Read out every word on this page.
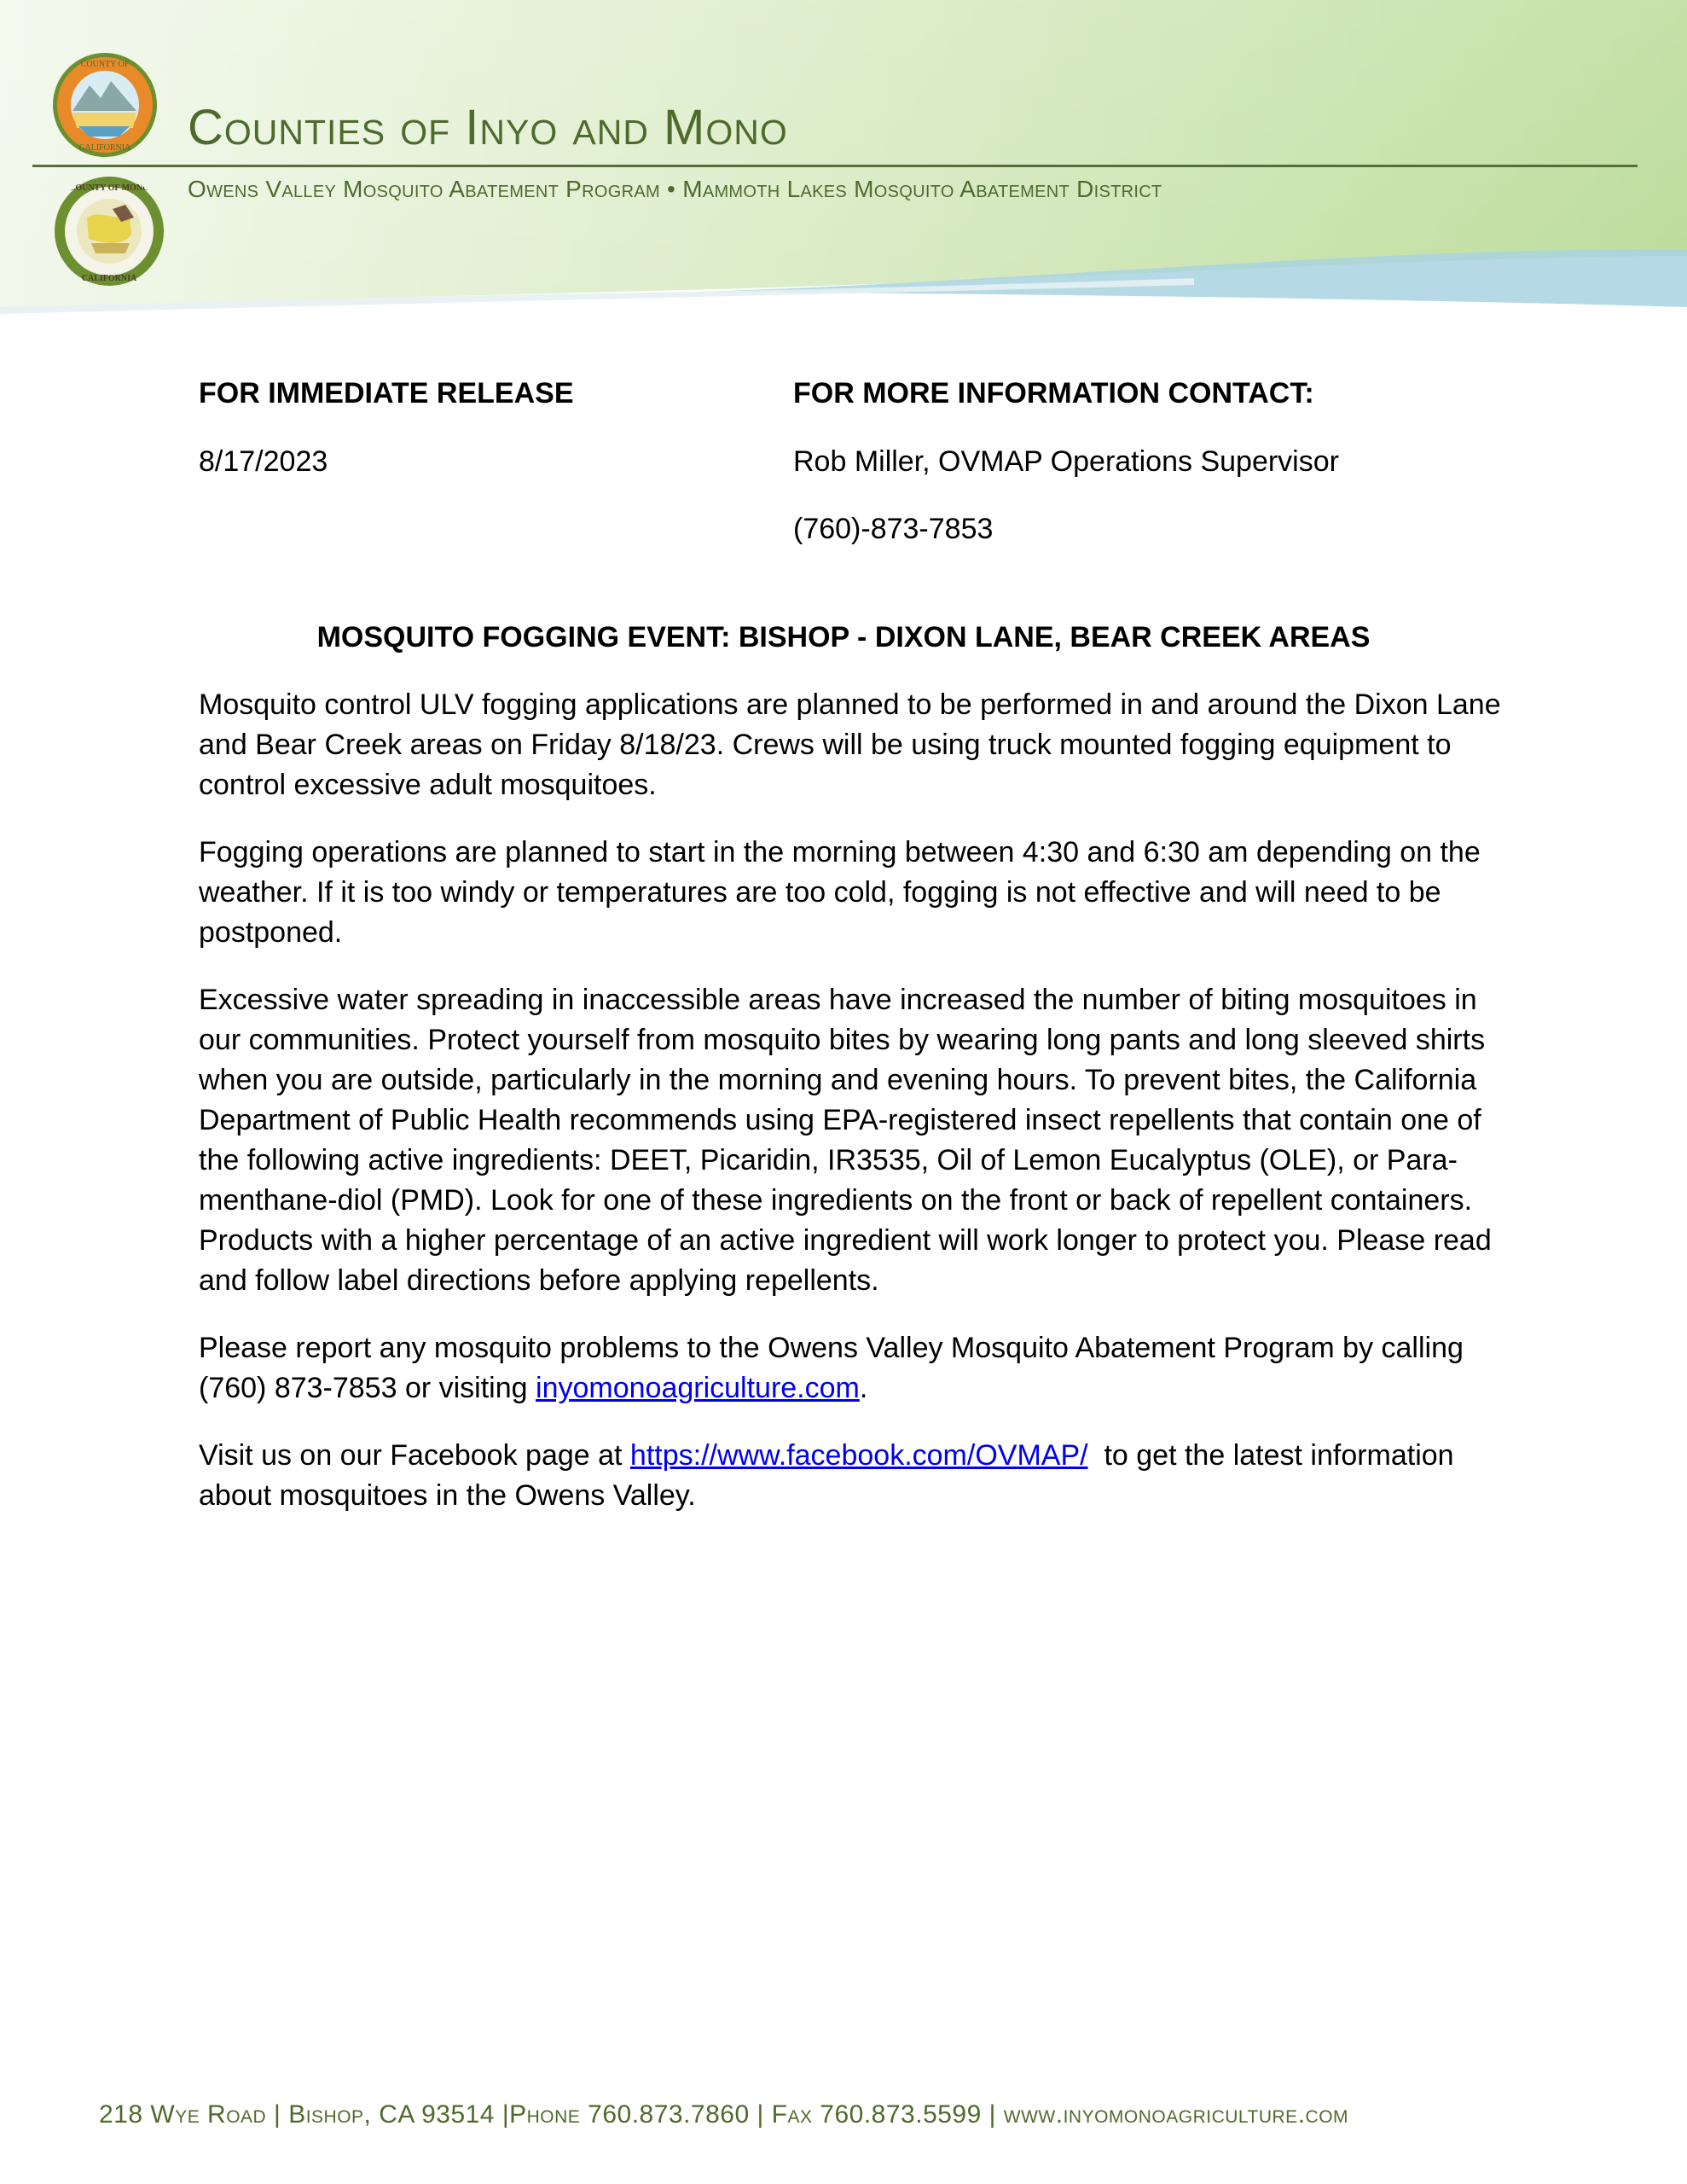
COUNTY OF
CALIFORNIA
COUNTY OF MONO
CALIFORNIA
Counties of Inyo and Mono
Owens Valley Mosquito Abatement Program • Mammoth Lakes Mosquito Abatement District
FOR IMMEDIATE RELEASE	FOR MORE INFORMATION CONTACT:
8/17/2023	Rob Miller, OVMAP Operations Supervisor
(760)-873-7853
MOSQUITO FOGGING EVENT: BISHOP - DIXON LANE, BEAR CREEK AREAS

Mosquito control ULV fogging applications are planned to be performed in and around the Dixon Lane and Bear Creek areas on Friday 8/18/23. Crews will be using truck mounted fogging equipment to control excessive adult mosquitoes.

Fogging operations are planned to start in the morning between 4:30 and 6:30 am depending on the weather. If it is too windy or temperatures are too cold, fogging is not effective and will need to be postponed.

Excessive water spreading in inaccessible areas have increased the number of biting mosquitoes in our communities. Protect yourself from mosquito bites by wearing long pants and long sleeved shirts when you are outside, particularly in the morning and evening hours. To prevent bites, the California Department of Public Health recommends using EPA-registered insect repellents that contain one of the following active ingredients: DEET, Picaridin, IR3535, Oil of Lemon Eucalyptus (OLE), or Para-menthane-diol (PMD). Look for one of these ingredients on the front or back of repellent containers. Products with a higher percentage of an active ingredient will work longer to protect you. Please read and follow label directions before applying repellents.

Please report any mosquito problems to the Owens Valley Mosquito Abatement Program by calling (760) 873-7853 or visiting inyomonoagriculture.com.

Visit us on our Facebook page at https://www.facebook.com/OVMAP/  to get the latest information about mosquitoes in the Owens Valley.

218 Wye Road | Bishop, CA 93514 |Phone 760.873.7860 | Fax 760.873.5599 | www.inyomonoagriculture.com
